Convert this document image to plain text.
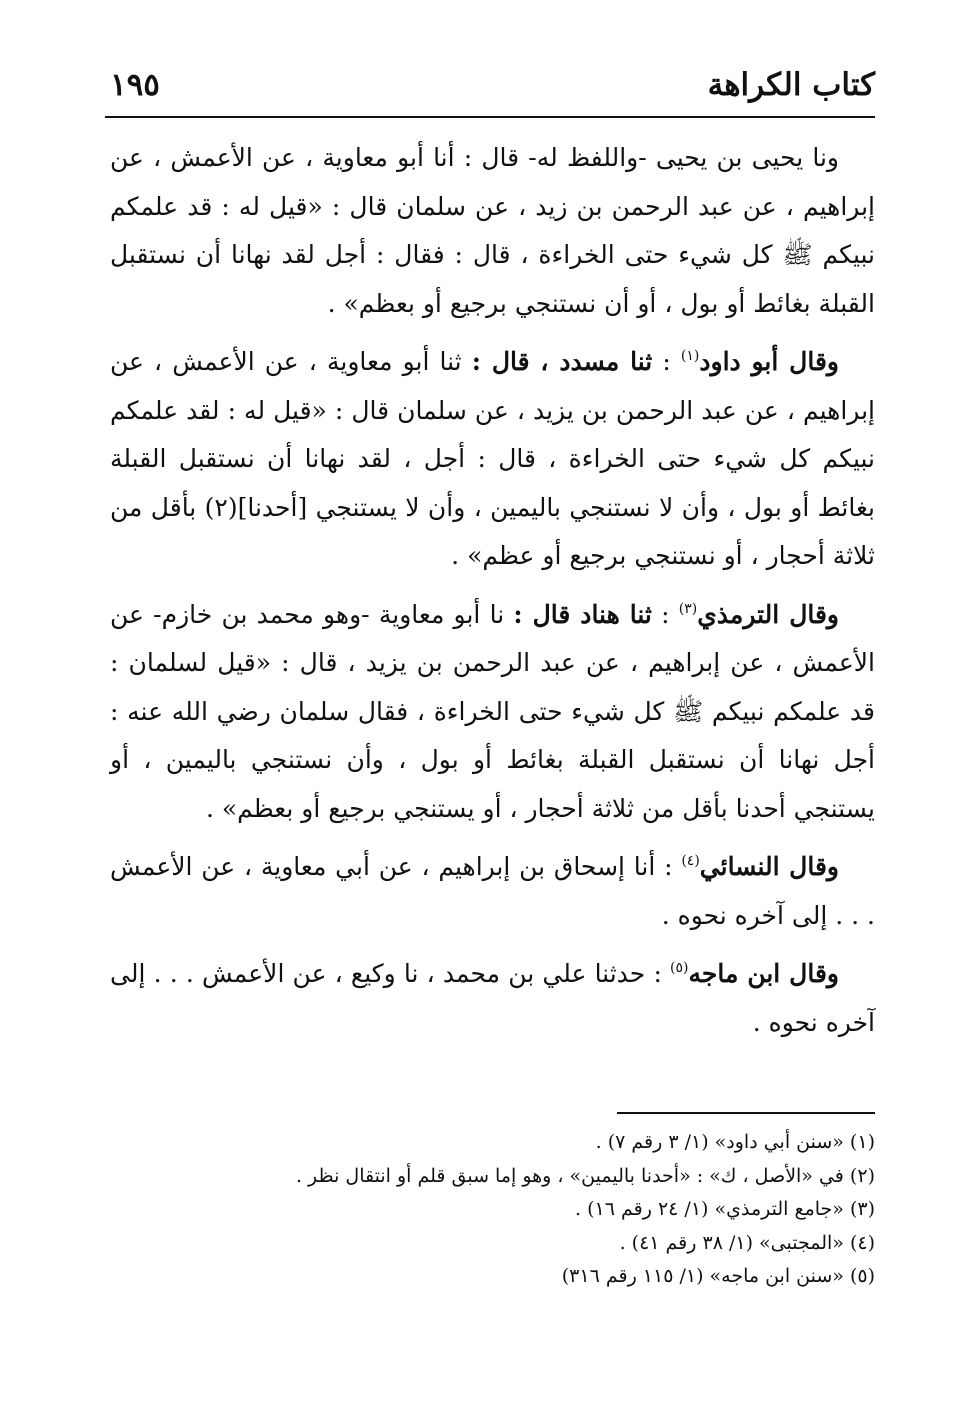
كتاب الكراهة
١٩٥

ونا يحيى بن يحيى -واللفظ له- قال : أنا أبو معاوية ، عن الأعمش ، عن إبراهيم ، عن عبد الرحمن بن زيد ، عن سلمان قال : «قيل له : قد علمكم نبيكم ﷺ كل شيء حتى الخراءة ، قال : فقال : أجل لقد نهانا أن نستقبل القبلة بغائط أو بول ، أو أن نستنجي برجيع أو بعظم» .

وقال أبو داود$^{(١)}$ : ثنا مسدد ، قال : ثنا أبو معاوية ، عن الأعمش ، عن إبراهيم ، عن عبد الرحمن بن يزيد ، عن سلمان قال : «قيل له : لقد علمكم نبيكم كل شيء حتى الخراءة ، قال : أجل ، لقد نهانا أن نستقبل القبلة بغائط أو بول ، وأن لا نستنجي باليمين ، وأن لا يستنجي [أحدنا](٢) بأقل من ثلاثة أحجار ، أو نستنجي برجيع أو عظم» .

وقال الترمذي$^{(٣)}$ : ثنا هناد قال : نا أبو معاوية -وهو محمد بن خازم- عن الأعمش ، عن إبراهيم ، عن عبد الرحمن بن يزيد ، قال : «قيل لسلمان : قد علمكم نبيكم ﷺ كل شيء حتى الخراءة ، فقال سلمان رضي الله عنه : أجل نهانا أن نستقبل القبلة بغائط أو بول ، وأن نستنجي باليمين ، أو يستنجي أحدنا بأقل من ثلاثة أحجار ، أو يستنجي برجيع أو بعظم» .

وقال النسائي$^{(٤)}$ : أنا إسحاق بن إبراهيم ، عن أبي معاوية ، عن الأعمش . . . إلى آخره نحوه .

وقال ابن ماجه$^{(٥)}$ : حدثنا علي بن محمد ، نا وكيع ، عن الأعمش . . . إلى آخره نحوه .

(١) «سنن أبي داود» (١/ ٣ رقم ٧) .
(٢) في «الأصل ، ك» : «أحدنا باليمين» ، وهو إما سبق قلم أو انتقال نظر .
(٣) «جامع الترمذي» (١/ ٢٤ رقم ١٦) .
(٤) «المجتبى» (١/ ٣٨ رقم ٤١) .
(٥) «سنن ابن ماجه» (١/ ١١٥ رقم ٣١٦)
